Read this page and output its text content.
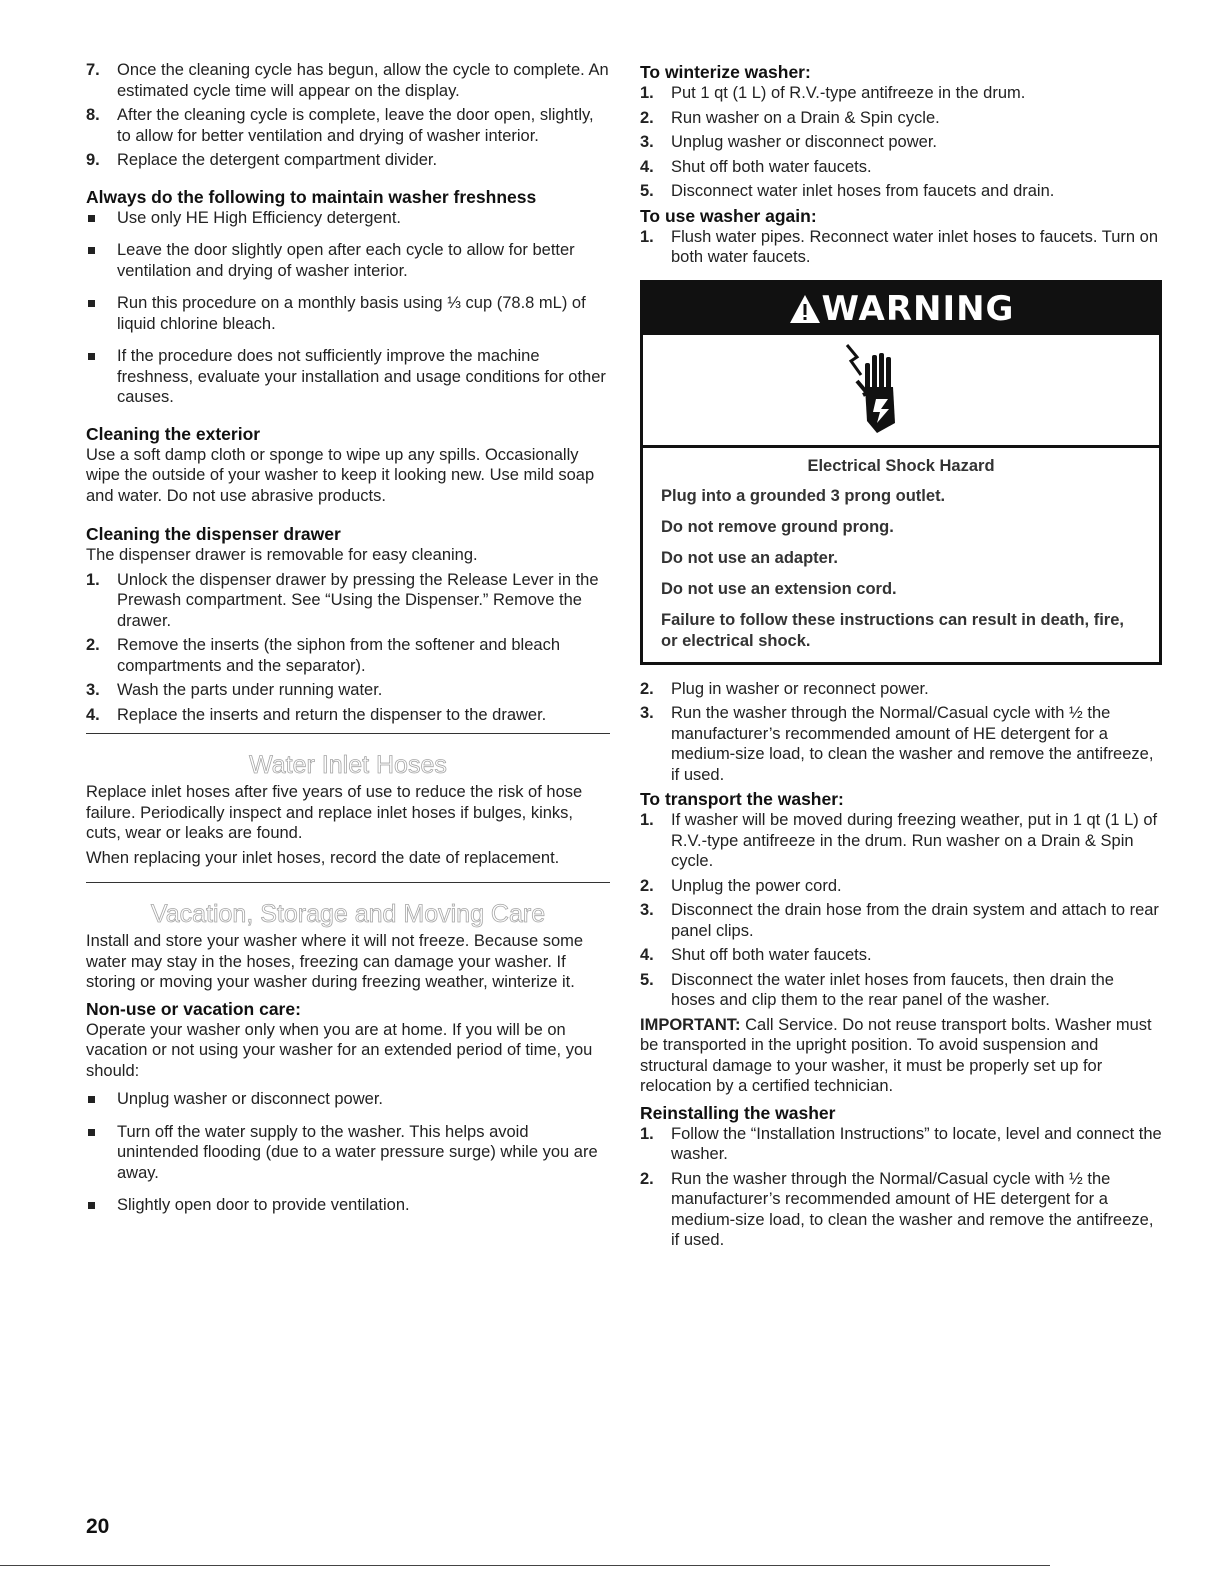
7. Once the cleaning cycle has begun, allow the cycle to complete. An estimated cycle time will appear on the display.
8. After the cleaning cycle is complete, leave the door open, slightly, to allow for better ventilation and drying of washer interior.
9. Replace the detergent compartment divider.
Always do the following to maintain washer freshness
Use only HE High Efficiency detergent.
Leave the door slightly open after each cycle to allow for better ventilation and drying of washer interior.
Run this procedure on a monthly basis using ⅓ cup (78.8 mL) of liquid chlorine bleach.
If the procedure does not sufficiently improve the machine freshness, evaluate your installation and usage conditions for other causes.
Cleaning the exterior

Use a soft damp cloth or sponge to wipe up any spills. Occasionally wipe the outside of your washer to keep it looking new. Use mild soap and water. Do not use abrasive products.

Cleaning the dispenser drawer

The dispenser drawer is removable for easy cleaning.

1. Unlock the dispenser drawer by pressing the Release Lever in the Prewash compartment. See “Using the Dispenser.” Remove the drawer.
2. Remove the inserts (the siphon from the softener and bleach compartments and the separator).
3. Wash the parts under running water.
4. Replace the inserts and return the dispenser to the drawer.
Water Inlet Hoses

Replace inlet hoses after five years of use to reduce the risk of hose failure. Periodically inspect and replace inlet hoses if bulges, kinks, cuts, wear or leaks are found.

When replacing your inlet hoses, record the date of replacement.

Vacation, Storage and Moving Care

Install and store your washer where it will not freeze. Because some water may stay in the hoses, freezing can damage your washer. If storing or moving your washer during freezing weather, winterize it.

Non-use or vacation care:

Operate your washer only when you are at home. If you will be on vacation or not using your washer for an extended period of time, you should:

Unplug washer or disconnect power.
Turn off the water supply to the washer. This helps avoid unintended flooding (due to a water pressure surge) while you are away.
Slightly open door to provide ventilation.
To winterize washer:
1. Put 1 qt (1 L) of R.V.-type antifreeze in the drum.
2. Run washer on a Drain & Spin cycle.
3. Unplug washer or disconnect power.
4. Shut off both water faucets.
5. Disconnect water inlet hoses from faucets and drain.
To use washer again:
1. Flush water pipes. Reconnect water inlet hoses to faucets. Turn on both water faucets.
WARNING

Electrical Shock Hazard

Plug into a grounded 3 prong outlet.

Do not remove ground prong.

Do not use an adapter.

Do not use an extension cord.

Failure to follow these instructions can result in death, fire, or electrical shock.

2. Plug in washer or reconnect power.
3. Run the washer through the Normal/Casual cycle with ½ the manufacturer’s recommended amount of HE detergent for a medium-size load, to clean the washer and remove the antifreeze, if used.
To transport the washer:
1. If washer will be moved during freezing weather, put in 1 qt (1 L) of R.V.-type antifreeze in the drum. Run washer on a Drain & Spin cycle.
2. Unplug the power cord.
3. Disconnect the drain hose from the drain system and attach to rear panel clips.
4. Shut off both water faucets.
5. Disconnect the water inlet hoses from faucets, then drain the hoses and clip them to the rear panel of the washer.

IMPORTANT: Call Service. Do not reuse transport bolts. Washer must be transported in the upright position. To avoid suspension and structural damage to your washer, it must be properly set up for relocation by a certified technician.

Reinstalling the washer
1. Follow the “Installation Instructions” to locate, level and connect the washer.
2. Run the washer through the Normal/Casual cycle with ½ the manufacturer’s recommended amount of HE detergent for a medium-size load, to clean the washer and remove the antifreeze, if used.
20
